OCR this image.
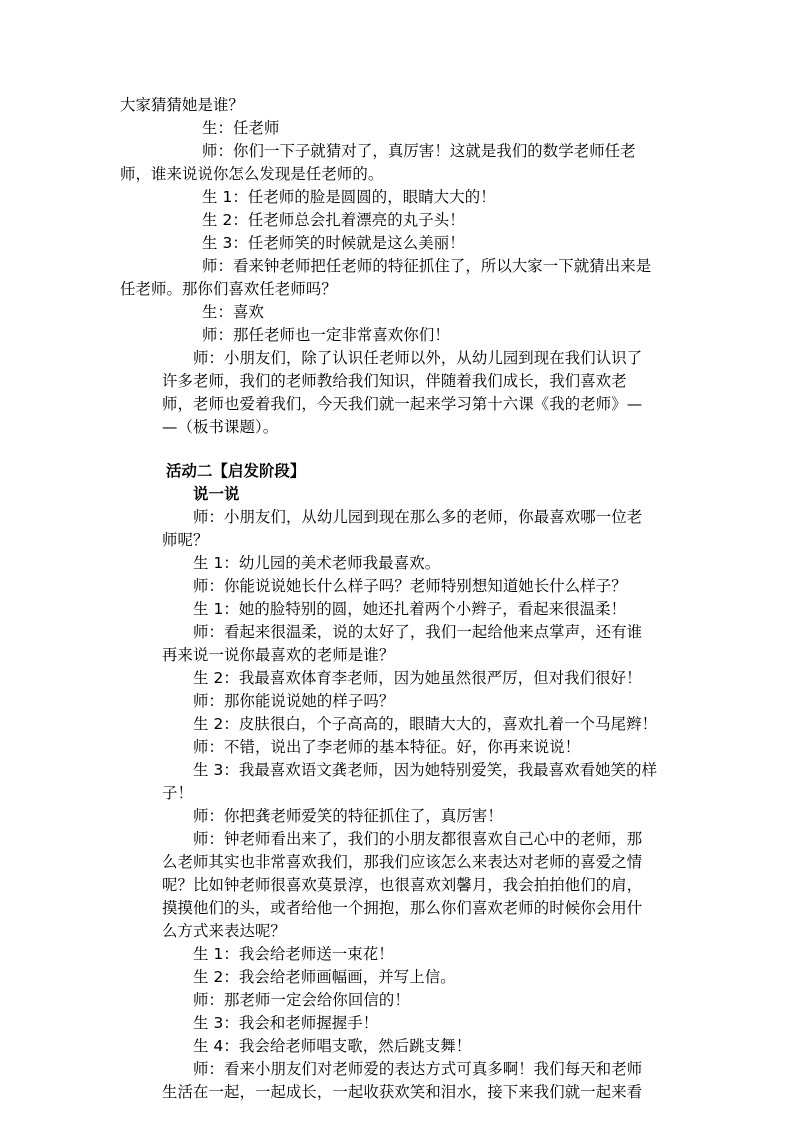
大家猜猜她是谁？
生：任老师
师：你们一下子就猜对了，真厉害！这就是我们的数学老师任老
师，谁来说说你怎么发现是任老师的。
生 1：任老师的脸是圆圆的，眼睛大大的！
生 2：任老师总会扎着漂亮的丸子头！
生 3：任老师笑的时候就是这么美丽！
师：看来钟老师把任老师的特征抓住了，所以大家一下就猜出来是
任老师。那你们喜欢任老师吗？
生：喜欢
师：那任老师也一定非常喜欢你们！
师：小朋友们，除了认识任老师以外，从幼儿园到现在我们认识了
许多老师，我们的老师教给我们知识，伴随着我们成长，我们喜欢老
师，老师也爱着我们，今天我们就一起来学习第十六课《我的老师》—
—（板书课题）。
活动二【启发阶段】
说一说
师：小朋友们，从幼儿园到现在那么多的老师，你最喜欢哪一位老
师呢？
生 1：幼儿园的美术老师我最喜欢。
师：你能说说她长什么样子吗？老师特别想知道她长什么样子？
生 1：她的脸特别的圆，她还扎着两个小辫子，看起来很温柔！
师：看起来很温柔，说的太好了，我们一起给他来点掌声，还有谁
再来说一说你最喜欢的老师是谁？
生 2：我最喜欢体育李老师，因为她虽然很严厉，但对我们很好！
师：那你能说说她的样子吗？
生 2：皮肤很白，个子高高的，眼睛大大的，喜欢扎着一个马尾辫！
师：不错，说出了李老师的基本特征。好，你再来说说！
生 3：我最喜欢语文龚老师，因为她特别爱笑，我最喜欢看她笑的样
子！
师：你把龚老师爱笑的特征抓住了，真厉害！
师：钟老师看出来了，我们的小朋友都很喜欢自己心中的老师，那
么老师其实也非常喜欢我们，那我们应该怎么来表达对老师的喜爱之情
呢？比如钟老师很喜欢莫景淳，也很喜欢刘馨月，我会拍拍他们的肩，
摸摸他们的头，或者给他一个拥抱，那么你们喜欢老师的时候你会用什
么方式来表达呢？
生 1：我会给老师送一束花！
生 2：我会给老师画幅画，并写上信。
师：那老师一定会给你回信的！
生 3：我会和老师握握手！
生 4：我会给老师唱支歌，然后跳支舞！
师：看来小朋友们对老师爱的表达方式可真多啊！我们每天和老师
生活在一起，一起成长，一起收获欢笑和泪水，接下来我们就一起来看
